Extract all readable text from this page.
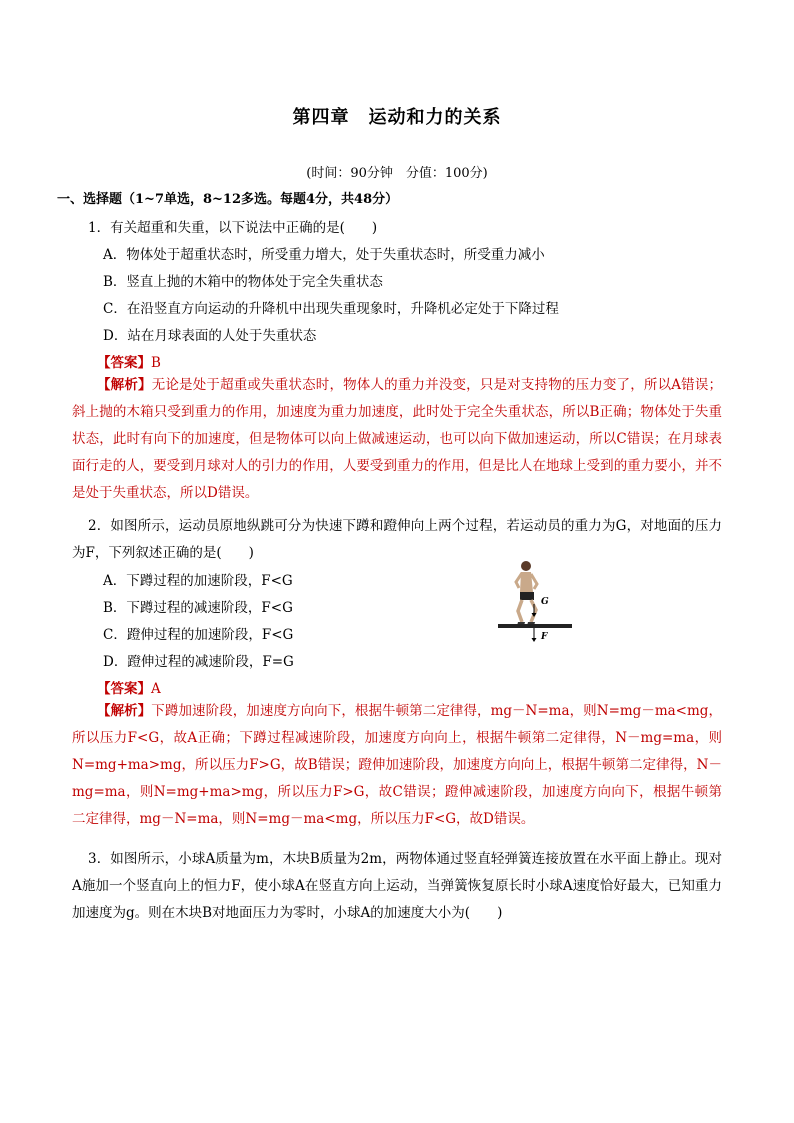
第四章　运动和力的关系
(时间：90分钟　分值：100分)
一、选择题（1~7单选，8~12多选。每题4分，共48分）
1．有关超重和失重，以下说法中正确的是(　　)
A．物体处于超重状态时，所受重力增大，处于失重状态时，所受重力减小
B．竖直上抛的木箱中的物体处于完全失重状态
C．在沿竖直方向运动的升降机中出现失重现象时，升降机必定处于下降过程
D．站在月球表面的人处于失重状态
【答案】B
【解析】无论是处于超重或失重状态时，物体人的重力并没变，只是对支持物的压力变了，所以A错误；斜上抛的木箱只受到重力的作用，加速度为重力加速度，此时处于完全失重状态，所以B正确；物体处于失重状态，此时有向下的加速度，但是物体可以向上做减速运动，也可以向下做加速运动，所以C错误；在月球表面行走的人，要受到月球对人的引力的作用，人要受到重力的作用，但是比人在地球上受到的重力要小，并不是处于失重状态，所以D错误。
2．如图所示，运动员原地纵跳可分为快速下蹲和蹬伸向上两个过程，若运动员的重力为G，对地面的压力为F，下列叙述正确的是(　　)
A．下蹲过程的加速阶段，F<G
B．下蹲过程的减速阶段，F<G
C．蹬伸过程的加速阶段，F<G
D．蹬伸过程的减速阶段，F=G
G
F
【答案】A
【解析】下蹲加速阶段，加速度方向向下，根据牛顿第二定律得，mg－N=ma，则N=mg－ma<mg，所以压力F<G，故A正确；下蹲过程减速阶段，加速度方向向上，根据牛顿第二定律得，N－mg=ma，则N=mg+ma>mg，所以压力F>G，故B错误；蹬伸加速阶段，加速度方向向上，根据牛顿第二定律得，N－mg=ma，则N=mg+ma>mg，所以压力F>G，故C错误；蹬伸减速阶段，加速度方向向下，根据牛顿第二定律得，mg－N=ma，则N=mg－ma<mg，所以压力F<G，故D错误。
3．如图所示，小球A质量为m，木块B质量为2m，两物体通过竖直轻弹簧连接放置在水平面上静止。现对A施加一个竖直向上的恒力F，使小球A在竖直方向上运动，当弹簧恢复原长时小球A速度恰好最大，已知重力加速度为g。则在木块B对地面压力为零时，小球A的加速度大小为(　　)
